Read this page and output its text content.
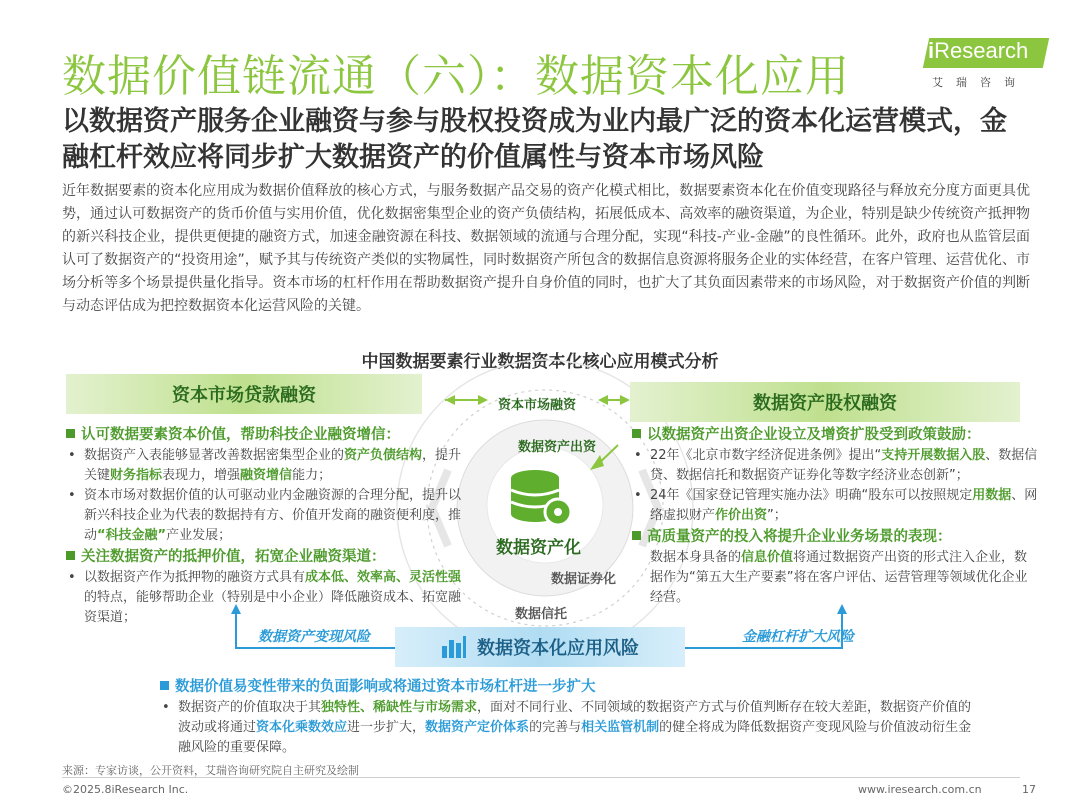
数据价值链流通（六）：数据资本化应用
iResearch
艾瑞咨询
以数据资产服务企业融资与参与股权投资成为业内最广泛的资本化运营模式，金融杠杆效应将同步扩大数据资产的价值属性与资本市场风险
近年数据要素的资本化应用成为数据价值释放的核心方式，与服务数据产品交易的资产化模式相比，数据要素资本化在价值变现路径与释放充分度方面更具优势，通过认可数据资产的货币价值与实用价值，优化数据密集型企业的资产负债结构，拓展低成本、高效率的融资渠道，为企业，特别是缺少传统资产抵押物的新兴科技企业，提供更便捷的融资方式，加速金融资源在科技、数据领域的流通与合理分配，实现“科技-产业-金融”的良性循环。此外，政府也从监管层面认可了数据资产的“投资用途”，赋予其与传统资产类似的实物属性，同时数据资产所包含的数据信息资源将服务企业的实体经营，在客户管理、运营优化、市场分析等多个场景提供量化指导。资本市场的杠杆作用在帮助数据资产提升自身价值的同时，也扩大了其负面因素带来的市场风险，对于数据资产价值的判断与动态评估成为把控数据资本化运营风险的关键。
中国数据要素行业数据资本化核心应用模式分析
资本市场贷款融资	数据资产股权融资
资本市场融资
数据资产出资
数据资产化
数据证券化
数据信托
数据资本化应用风险
数据资产变现风险	金融杠杆扩大风险
认可数据要素资本价值，帮助科技企业融资增信：
• 数据资产入表能够显著改善数据密集型企业的资产负债结构，提升关键财务指标表现力，增强融资增信能力；
• 资本市场对数据价值的认可驱动业内金融资源的合理分配，提升以新兴科技企业为代表的数据持有方、价值开发商的融资便利度，推动“科技金融”产业发展；
关注数据资产的抵押价值，拓宽企业融资渠道：
• 以数据资产作为抵押物的融资方式具有成本低、效率高、灵活性强的特点，能够帮助企业（特别是中小企业）降低融资成本、拓宽融资渠道；
以数据资产出资企业设立及增资扩股受到政策鼓励：
• 22年《北京市数字经济促进条例》提出“支持开展数据入股、数据信贷、数据信托和数据资产证券化等数字经济业态创新”；
• 24年《国家登记管理实施办法》明确“股东可以按照规定用数据、网络虚拟财产作价出资”；
高质量资产的投入将提升企业业务场景的表现：
数据本身具备的信息价值将通过数据资产出资的形式注入企业，数据作为“第五大生产要素”将在客户评估、运营管理等领域优化企业经营。
数据价值易变性带来的负面影响或将通过资本市场杠杆进一步扩大
• 数据资产的价值取决于其独特性、稀缺性与市场需求，面对不同行业、不同领域的数据资产方式与价值判断存在较大差距，数据资产价值的波动或将通过资本化乘数效应进一步扩大，数据资产定价体系的完善与相关监管机制的健全将成为降低数据资产变现风险与价值波动衍生金融风险的重要保障。
来源：专家访谈，公开资料，艾瑞咨询研究院自主研究及绘制
©2025.8iResearch Inc.	www.iresearch.com.cn	17
